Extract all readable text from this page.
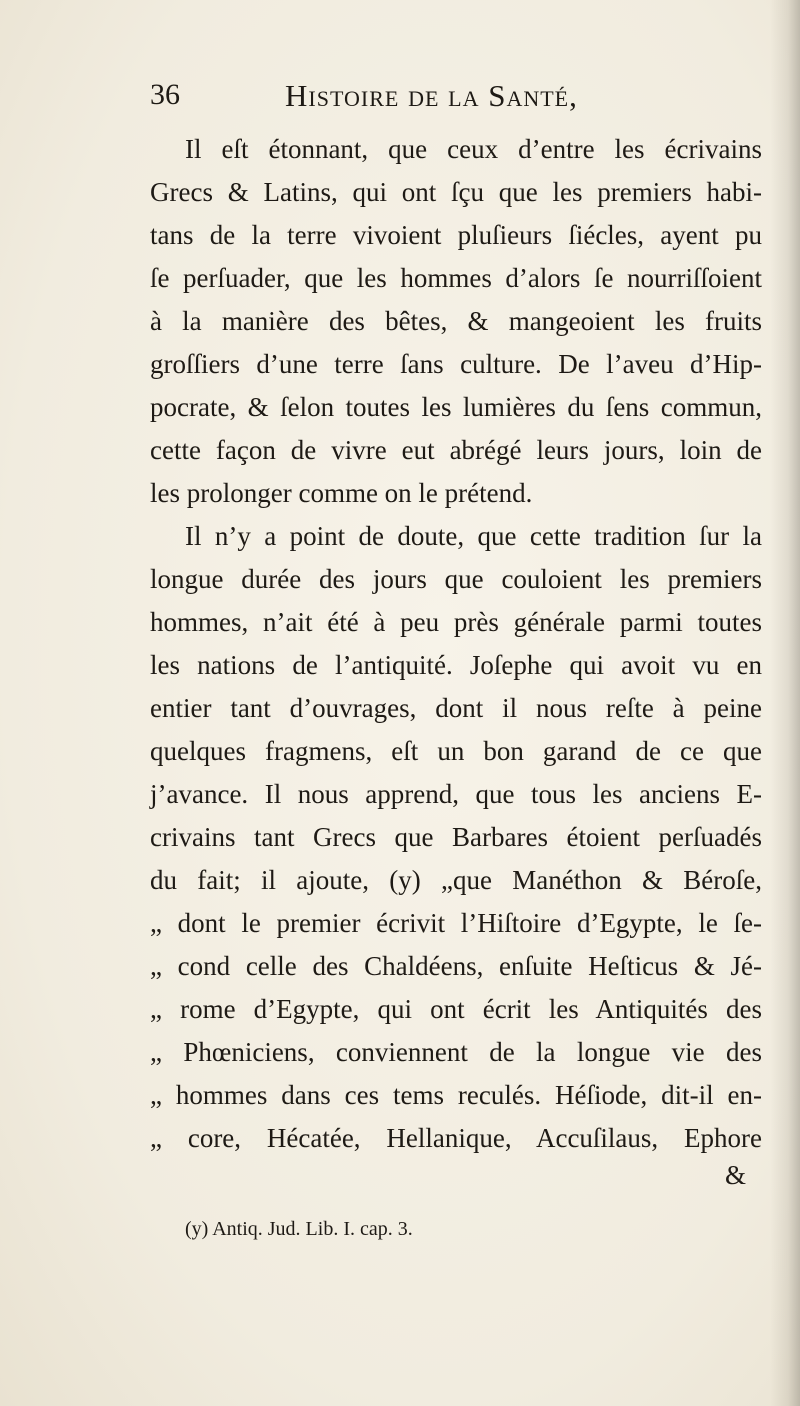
36	Histoire de la Santé,
Il eſt étonnant, que ceux d’entre les écrivains
Grecs & Latins, qui ont ſçu que les premiers habi-
tans de la terre vivoient pluſieurs ſiécles, ayent pu
ſe perſuader, que les hommes d’alors ſe nourriſſoient
à la manière des bêtes, & mangeoient les fruits
groſſiers d’une terre ſans culture. De l’aveu d’Hip-
pocrate, & ſelon toutes les lumières du ſens commun,
cette façon de vivre eut abrégé leurs jours, loin de
les prolonger comme on le prétend.
Il n’y a point de doute, que cette tradition ſur la
longue durée des jours que couloient les premiers
hommes, n’ait été à peu près générale parmi toutes
les nations de l’antiquité. Joſephe qui avoit vu en
entier tant d’ouvrages, dont il nous reſte à peine
quelques fragmens, eſt un bon garand de ce que
j’avance. Il nous apprend, que tous les anciens E-
crivains tant Grecs que Barbares étoient perſuadés
du fait; il ajoute, (y) „que Manéthon & Béroſe,
„ dont le premier écrivit l’Hiſtoire d’Egypte, le ſe-
„ cond celle des Chaldéens, enſuite Heſticus & Jé-
„ rome d’Egypte, qui ont écrit les Antiquités des
„ Phœniciens, conviennent de la longue vie des
„ hommes dans ces tems reculés. Héſiode, dit-il en-
„ core, Hécatée, Hellanique, Accuſilaus, Ephore
&
(y) Antiq. Jud. Lib. I. cap. 3.
